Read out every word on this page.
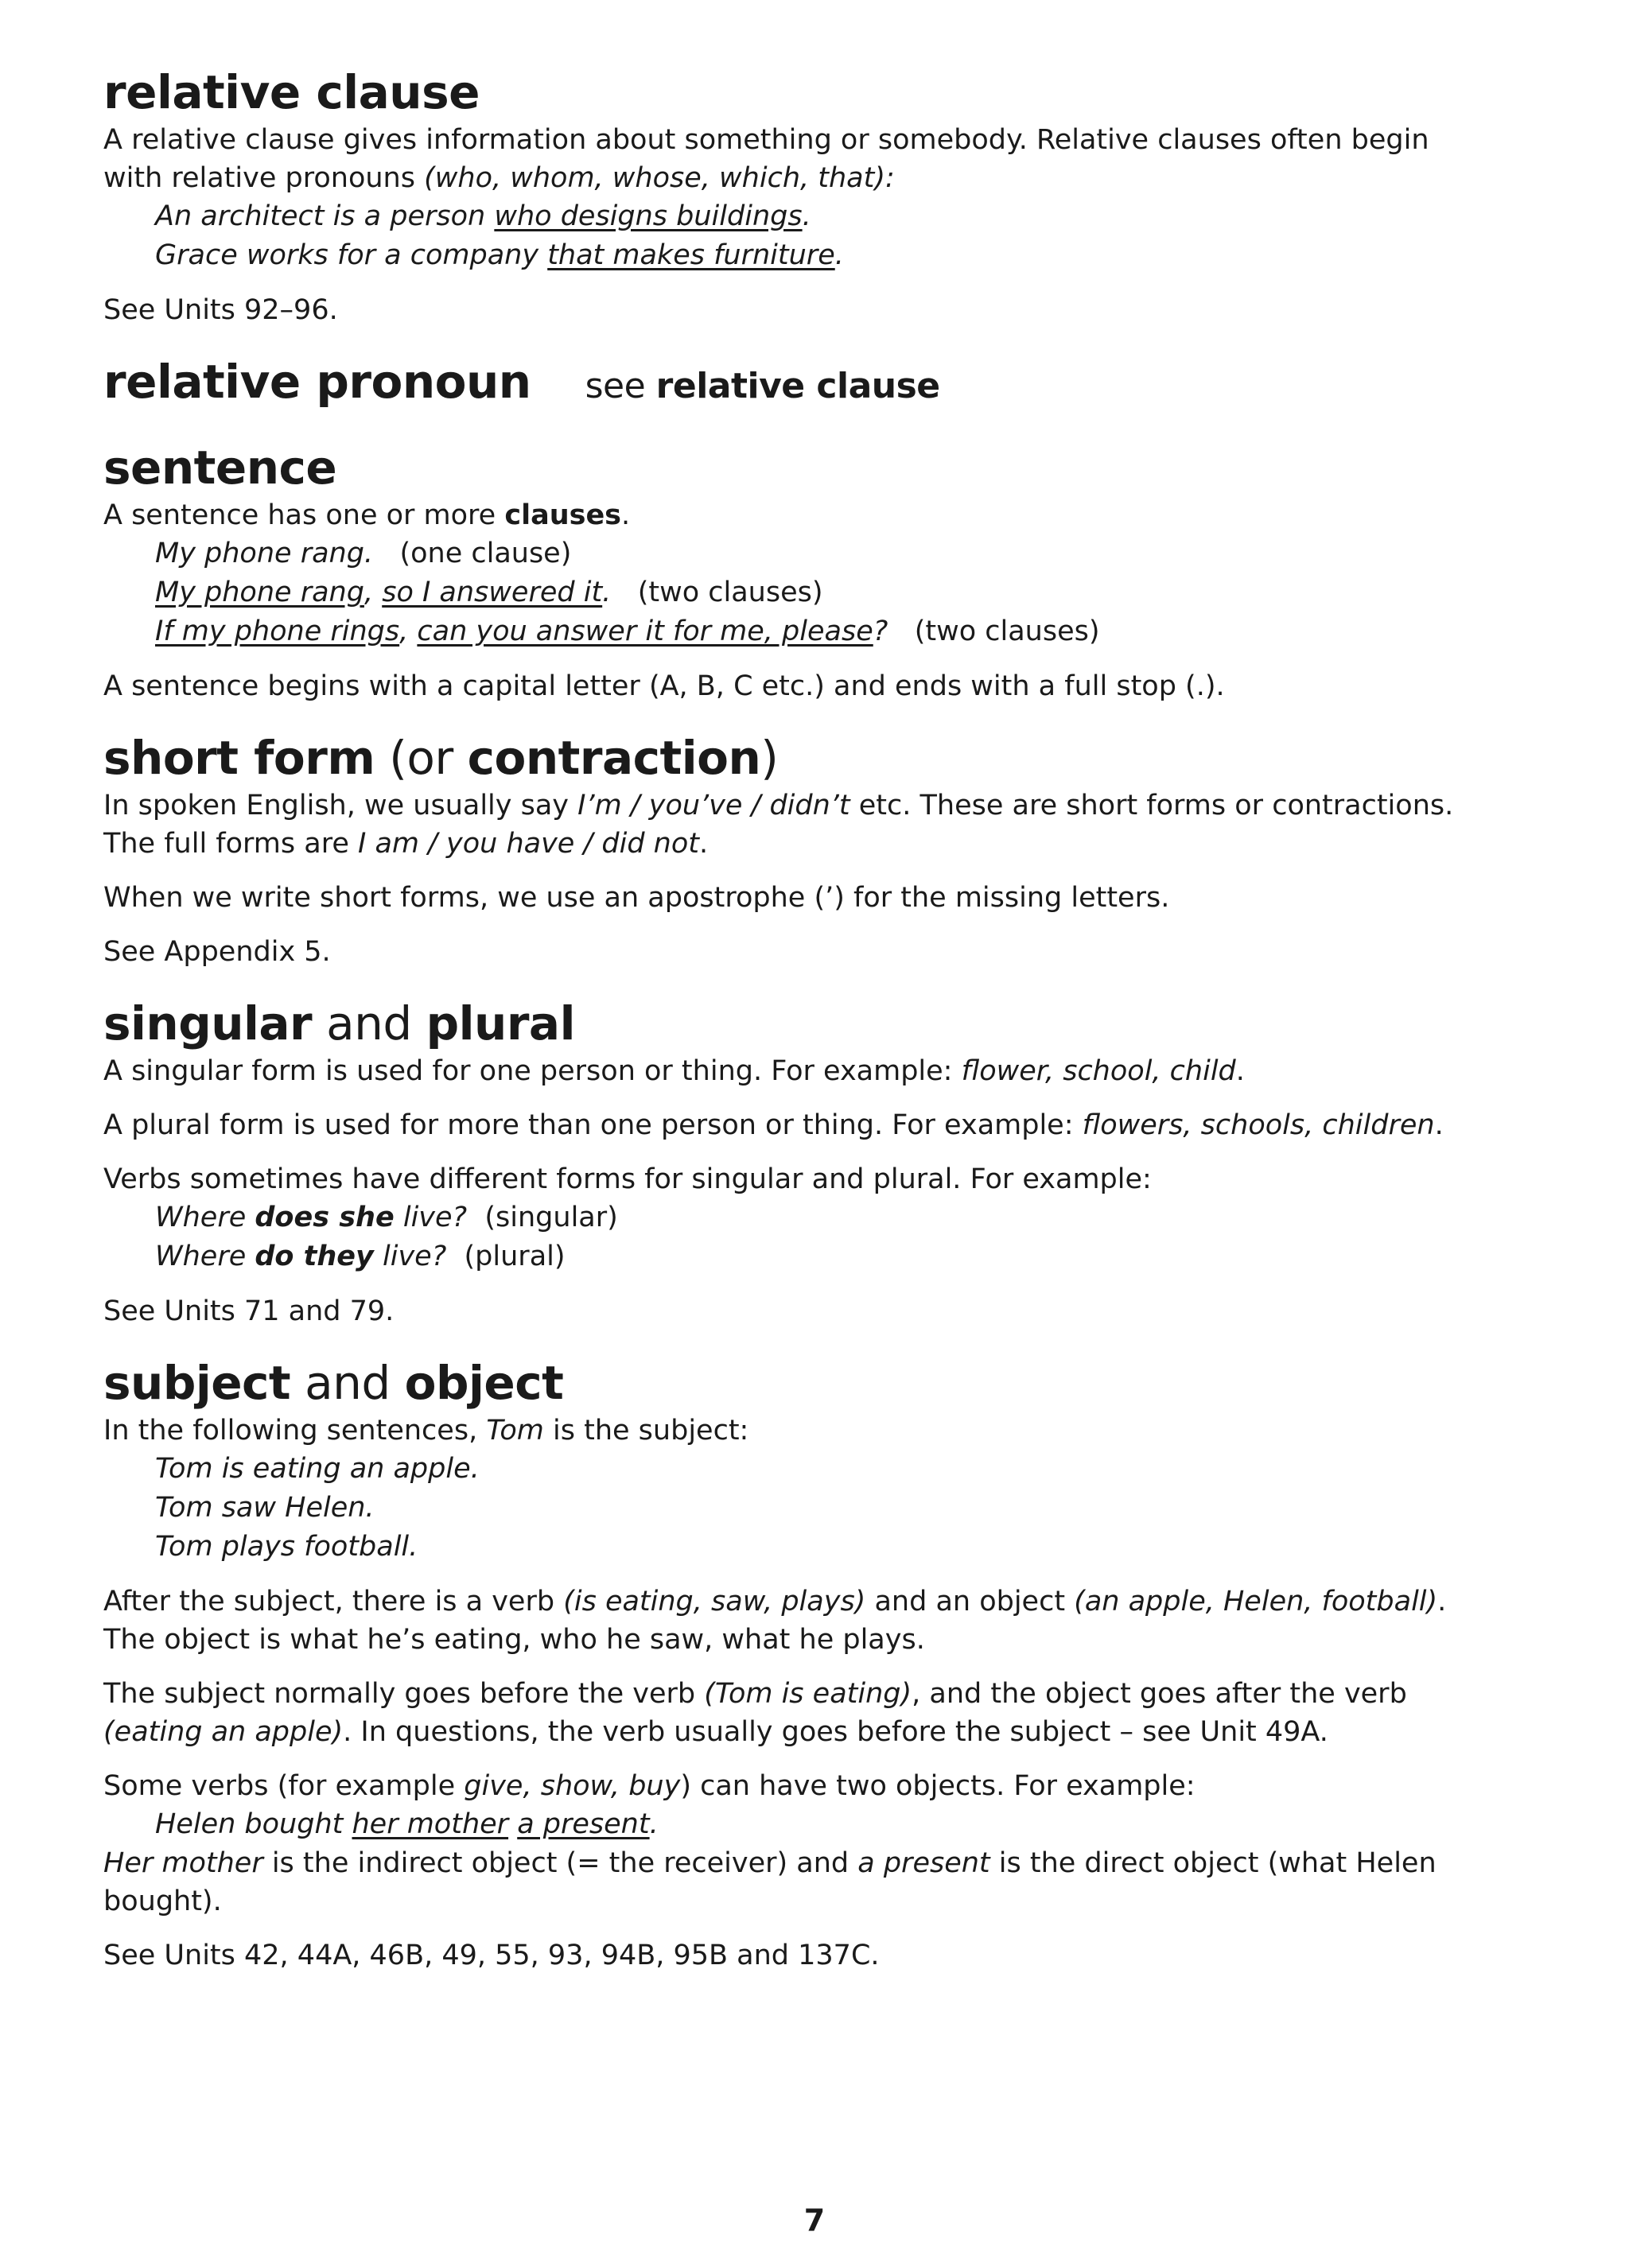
relative clause

A relative clause gives information about something or somebody. Relative clauses often begin
with relative pronouns (who, whom, whose, which, that):

An architect is a person who designs buildings.
Grace works for a company that makes furniture.

See Units 92–96.

relative pronoun see relative clause
sentence

A sentence has one or more clauses.

My phone rang.   (one clause)
My phone rang, so I answered it.   (two clauses)
If my phone rings, can you answer it for me, please?   (two clauses)

A sentence begins with a capital letter (A, B, C etc.) and ends with a full stop (.).

short form (or contraction)

In spoken English, we usually say I’m / you’ve / didn’t etc. These are short forms or contractions.
The full forms are I am / you have / did not.

When we write short forms, we use an apostrophe (’) for the missing letters.

See Appendix 5.

singular and plural

A singular form is used for one person or thing. For example: flower, school, child.

A plural form is used for more than one person or thing. For example: flowers, schools, children.

Verbs sometimes have different forms for singular and plural. For example:

Where does she live?  (singular)
Where do they live?  (plural)

See Units 71 and 79.

subject and object

In the following sentences, Tom is the subject:

Tom is eating an apple.
Tom saw Helen.
Tom plays football.

After the subject, there is a verb (is eating, saw, plays) and an object (an apple, Helen, football).
The object is what he’s eating, who he saw, what he plays.

The subject normally goes before the verb (Tom is eating), and the object goes after the verb
(eating an apple). In questions, the verb usually goes before the subject – see Unit 49A.

Some verbs (for example give, show, buy) can have two objects. For example:

Helen bought her mother a present.

Her mother is the indirect object (= the receiver) and a present is the direct object (what Helen bought).

See Units 42, 44A, 46B, 49, 55, 93, 94B, 95B and 137C.

7
